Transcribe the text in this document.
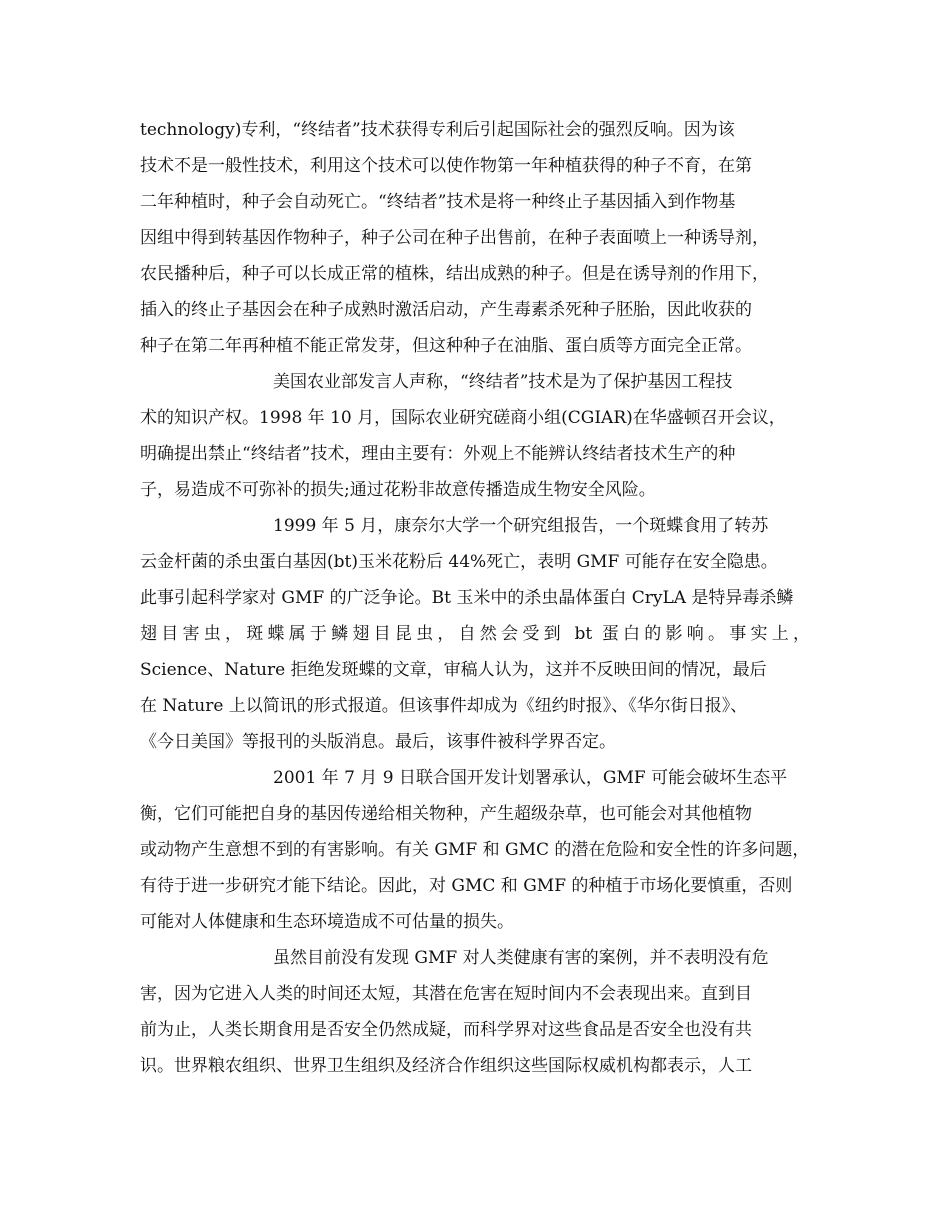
technology)专利，“终结者”技术获得专利后引起国际社会的强烈反响。因为该
技术不是一般性技术，利用这个技术可以使作物第一年种植获得的种子不育，在第
二年种植时，种子会自动死亡。“终结者”技术是将一种终止子基因插入到作物基
因组中得到转基因作物种子，种子公司在种子出售前，在种子表面喷上一种诱导剂，
农民播种后，种子可以长成正常的植株，结出成熟的种子。但是在诱导剂的作用下，
插入的终止子基因会在种子成熟时激活启动，产生毒素杀死种子胚胎，因此收获的
种子在第二年再种植不能正常发芽，但这种种子在油脂、蛋白质等方面完全正常。
美国农业部发言人声称，“终结者”技术是为了保护基因工程技
术的知识产权。1998 年 10 月，国际农业研究磋商小组(CGIAR)在华盛顿召开会议，
明确提出禁止“终结者”技术，理由主要有：外观上不能辨认终结者技术生产的种
子，易造成不可弥补的损失;通过花粉非故意传播造成生物安全风险。
1999 年 5 月，康奈尔大学一个研究组报告，一个斑蝶食用了转苏
云金杆菌的杀虫蛋白基因(bt)玉米花粉后 44%死亡，表明 GMF 可能存在安全隐患。
此事引起科学家对 GMF 的广泛争论。Bt 玉米中的杀虫晶体蛋白 CryLA 是特异毒杀鳞
翅目害虫，斑蝶属于鳞翅目昆虫，自然会受到 bt 蛋白的影响。事实上，
Science、Nature 拒绝发斑蝶的文章，审稿人认为，这并不反映田间的情况，最后
在 Nature 上以简讯的形式报道。但该事件却成为《纽约时报》、《华尔街日报》、
《今日美国》等报刊的头版消息。最后，该事件被科学界否定。
2001 年 7 月 9 日联合国开发计划署承认，GMF 可能会破坏生态平
衡，它们可能把自身的基因传递给相关物种，产生超级杂草，也可能会对其他植物
或动物产生意想不到的有害影响。有关 GMF 和 GMC 的潜在危险和安全性的许多问题，
有待于进一步研究才能下结论。因此，对 GMC 和 GMF 的种植于市场化要慎重，否则
可能对人体健康和生态环境造成不可估量的损失。
虽然目前没有发现 GMF 对人类健康有害的案例，并不表明没有危
害，因为它进入人类的时间还太短，其潜在危害在短时间内不会表现出来。直到目
前为止，人类长期食用是否安全仍然成疑，而科学界对这些食品是否安全也没有共
识。世界粮农组织、世界卫生组织及经济合作组织这些国际权威机构都表示，人工
